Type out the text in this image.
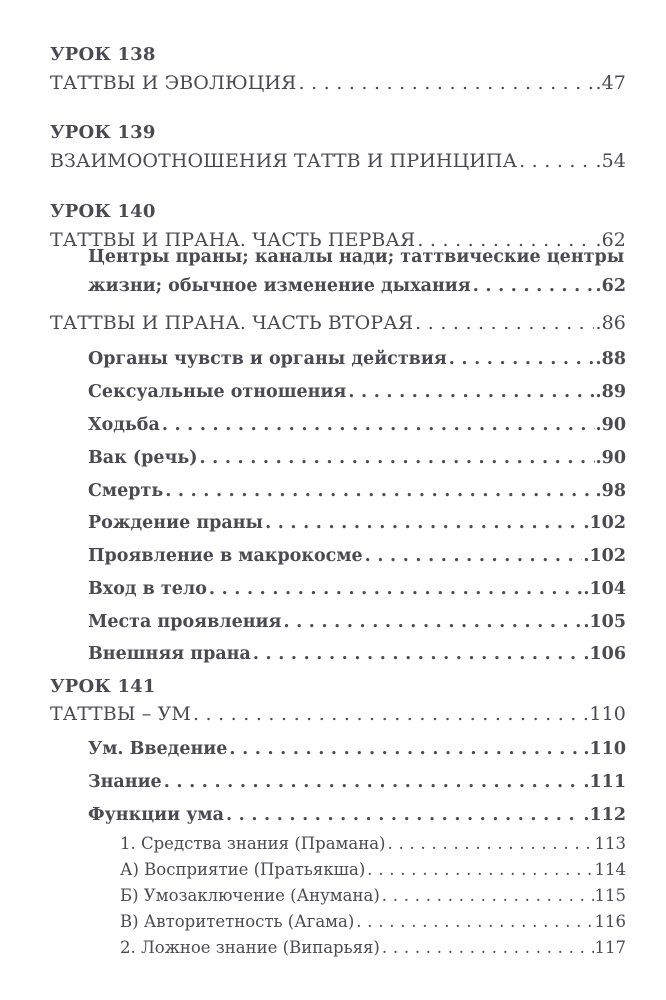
УРОК 138
ТАТТВЫ И ЭВОЛЮЦИЯ . . .	.47
УРОК 139
ВЗАИМООТНОШЕНИЯ ТАТТВ И ПРИНЦИПА . . .	.54
УРОК 140
ТАТТВЫ И ПРАНА. ЧАСТЬ ПЕРВАЯ . . .	.62
Центры праны; каналы нади; таттвические центры
жизни; обычное изменение дыхания . . .	.62
ТАТТВЫ И ПРАНА. ЧАСТЬ ВТОРАЯ . . .	.86
Органы чувств и органы действия . . .	.88
Сексуальные отношения . . .	.89
Ходьба . . .	.90
Вак (речь) . . .	.90
Смерть . . .	.98
Рождение праны . . .	.102
Проявление в макрокосме . . .	.102
Вход в тело . . .	.104
Места проявления . . .	.105
Внешняя прана . . .	.106
УРОК 141
ТАТТВЫ – УМ . . .	110
Ум. Введение . . .	.110
Знание . . .	.111
Функции ума . . .	.112
1. Средства знания (Прамана) . . .	113
А) Восприятие (Пратьякша) . . .	114
Б) Умозаключение (Анумана) . . .	115
В) Авторитетность (Агама) . . .	116
2. Ложное знание (Випарьяя) . . .	117
